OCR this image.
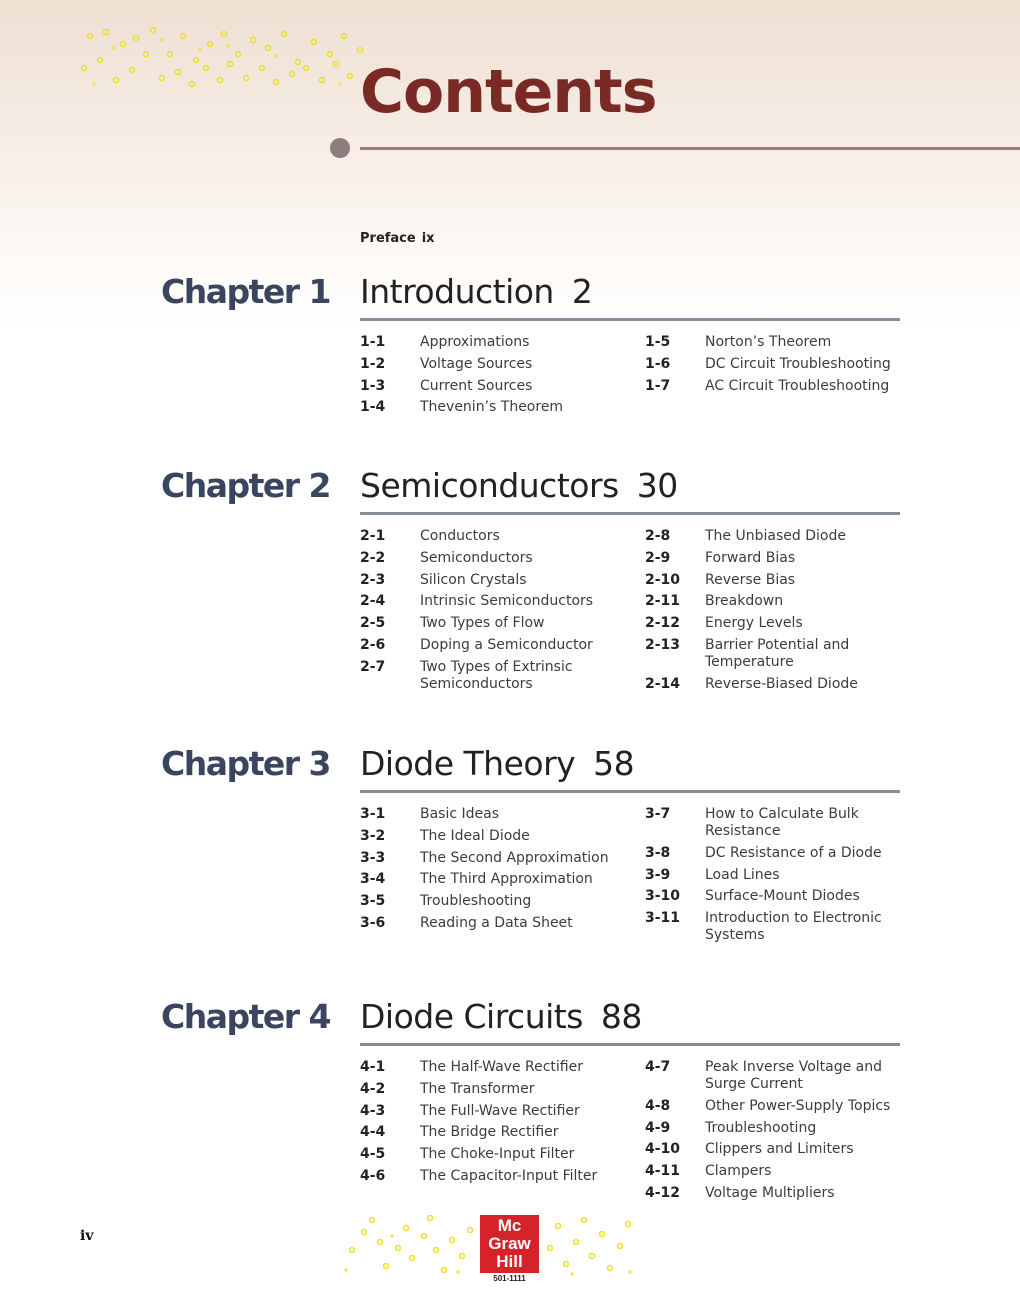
Contents
Preface ix
Chapter 1 Introduction 2
1-1	Approximations
1-2	Voltage Sources
1-3	Current Sources
1-4	Thevenin’s Theorem
1-5	Norton’s Theorem
1-6	DC Circuit Troubleshooting
1-7	AC Circuit Troubleshooting
Chapter 2 Semiconductors 30
2-1	Conductors
2-2	Semiconductors
2-3	Silicon Crystals
2-4	Intrinsic Semiconductors
2-5	Two Types of Flow
2-6	Doping a Semiconductor
2-7	Two Types of Extrinsic Semiconductors
2-8	The Unbiased Diode
2-9	Forward Bias
2-10	Reverse Bias
2-11	Breakdown
2-12	Energy Levels
2-13	Barrier Potential and Temperature
2-14	Reverse-Biased Diode
Chapter 3 Diode Theory 58
3-1	Basic Ideas
3-2	The Ideal Diode
3-3	The Second Approximation
3-4	The Third Approximation
3-5	Troubleshooting
3-6	Reading a Data Sheet
3-7	How to Calculate Bulk Resistance
3-8	DC Resistance of a Diode
3-9	Load Lines
3-10	Surface-Mount Diodes
3-11	Introduction to Electronic Systems
Chapter 4 Diode Circuits 88
4-1	The Half-Wave Rectifier
4-2	The Transformer
4-3	The Full-Wave Rectifier
4-4	The Bridge Rectifier
4-5	The Choke-Input Filter
4-6	The Capacitor-Input Filter
4-7	Peak Inverse Voltage and Surge Current
4-8	Other Power-Supply Topics
4-9	Troubleshooting
4-10	Clippers and Limiters
4-11	Clampers
4-12	Voltage Multipliers
iv
Mc
Graw
Hill
501-1111
